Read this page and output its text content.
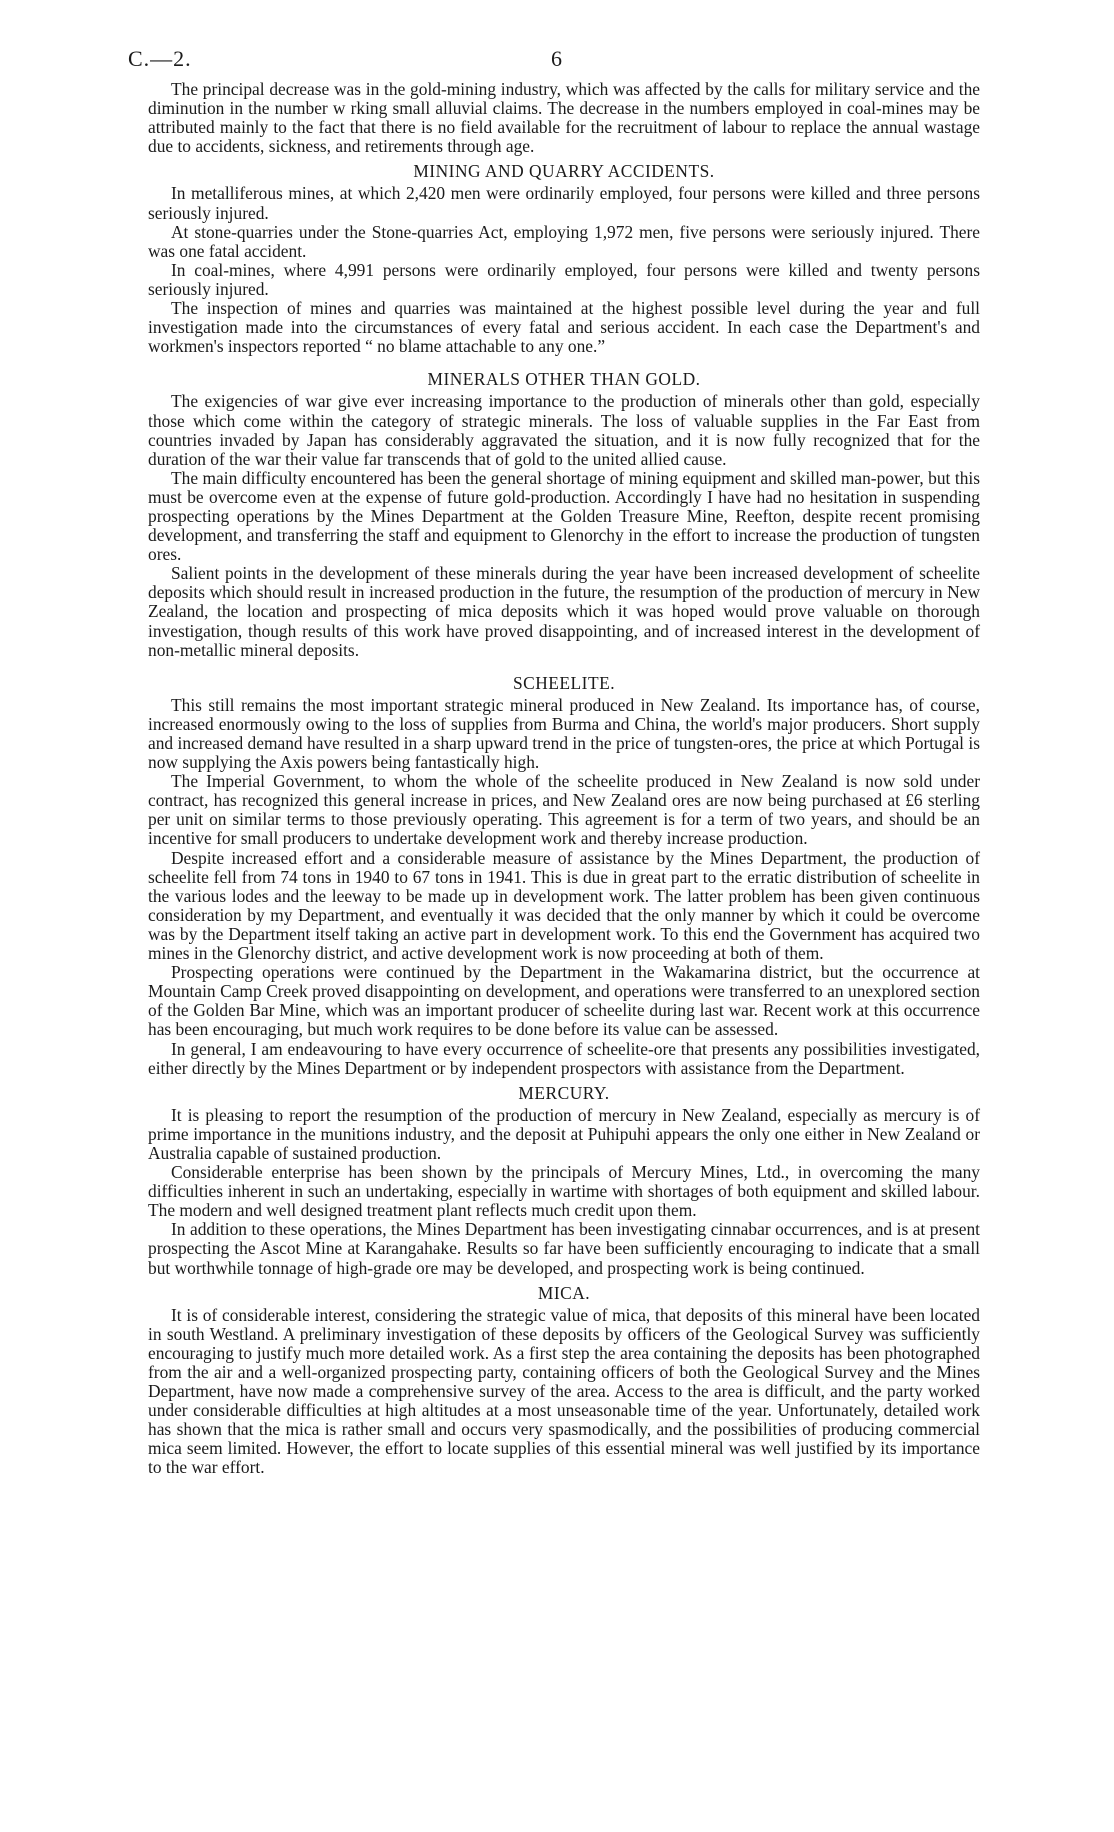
C.—2.	6

The principal decrease was in the gold-mining industry, which was affected by the calls for military service and the diminution in the number w rking small alluvial claims. The decrease in the numbers employed in coal-mines may be attributed mainly to the fact that there is no field available for the recruitment of labour to replace the annual wastage due to accidents, sickness, and retirements through age.

MINING AND QUARRY ACCIDENTS.

In metalliferous mines, at which 2,420 men were ordinarily employed, four persons were killed and three persons seriously injured.

At stone-quarries under the Stone-quarries Act, employing 1,972 men, five persons were seriously injured. There was one fatal accident.

In coal-mines, where 4,991 persons were ordinarily employed, four persons were killed and twenty persons seriously injured.

The inspection of mines and quarries was maintained at the highest possible level during the year and full investigation made into the circumstances of every fatal and serious accident. In each case the Department's and workmen's inspectors reported “ no blame attachable to any one.”

MINERALS OTHER THAN GOLD.

The exigencies of war give ever increasing importance to the production of minerals other than gold, especially those which come within the category of strategic minerals. The loss of valuable supplies in the Far East from countries invaded by Japan has considerably aggravated the situation, and it is now fully recognized that for the duration of the war their value far transcends that of gold to the united allied cause.

The main difficulty encountered has been the general shortage of mining equipment and skilled man-power, but this must be overcome even at the expense of future gold-production. Accordingly I have had no hesitation in suspending prospecting operations by the Mines Department at the Golden Treasure Mine, Reefton, despite recent promising development, and transferring the staff and equipment to Glenorchy in the effort to increase the production of tungsten ores.

Salient points in the development of these minerals during the year have been increased development of scheelite deposits which should result in increased production in the future, the resumption of the production of mercury in New Zealand, the location and prospecting of mica deposits which it was hoped would prove valuable on thorough investigation, though results of this work have proved disappointing, and of increased interest in the development of non-metallic mineral deposits.

SCHEELITE.

This still remains the most important strategic mineral produced in New Zealand. Its importance has, of course, increased enormously owing to the loss of supplies from Burma and China, the world's major producers. Short supply and increased demand have resulted in a sharp upward trend in the price of tungsten-ores, the price at which Portugal is now supplying the Axis powers being fantastically high.

The Imperial Government, to whom the whole of the scheelite produced in New Zealand is now sold under contract, has recognized this general increase in prices, and New Zealand ores are now being purchased at £6 sterling per unit on similar terms to those previously operating. This agreement is for a term of two years, and should be an incentive for small producers to undertake development work and thereby increase production.

Despite increased effort and a considerable measure of assistance by the Mines Department, the production of scheelite fell from 74 tons in 1940 to 67 tons in 1941. This is due in great part to the erratic distribution of scheelite in the various lodes and the leeway to be made up in development work. The latter problem has been given continuous consideration by my Department, and eventually it was decided that the only manner by which it could be overcome was by the Department itself taking an active part in development work. To this end the Government has acquired two mines in the Glenorchy district, and active development work is now proceeding at both of them.

Prospecting operations were continued by the Department in the Wakamarina district, but the occurrence at Mountain Camp Creek proved disappointing on development, and operations were transferred to an unexplored section of the Golden Bar Mine, which was an important producer of scheelite during last war. Recent work at this occurrence has been encouraging, but much work requires to be done before its value can be assessed.

In general, I am endeavouring to have every occurrence of scheelite-ore that presents any possibilities investigated, either directly by the Mines Department or by independent prospectors with assistance from the Department.

MERCURY.

It is pleasing to report the resumption of the production of mercury in New Zealand, especially as mercury is of prime importance in the munitions industry, and the deposit at Puhipuhi appears the only one either in New Zealand or Australia capable of sustained production.

Considerable enterprise has been shown by the principals of Mercury Mines, Ltd., in overcoming the many difficulties inherent in such an undertaking, especially in wartime with shortages of both equipment and skilled labour. The modern and well designed treatment plant reflects much credit upon them.

In addition to these operations, the Mines Department has been investigating cinnabar occurrences, and is at present prospecting the Ascot Mine at Karangahake. Results so far have been sufficiently encouraging to indicate that a small but worthwhile tonnage of high-grade ore may be developed, and prospecting work is being continued.

MICA.

It is of considerable interest, considering the strategic value of mica, that deposits of this mineral have been located in south Westland. A preliminary investigation of these deposits by officers of the Geological Survey was sufficiently encouraging to justify much more detailed work. As a first step the area containing the deposits has been photographed from the air and a well-organized prospecting party, containing officers of both the Geological Survey and the Mines Department, have now made a comprehensive survey of the area. Access to the area is difficult, and the party worked under considerable difficulties at high altitudes at a most unseasonable time of the year. Unfortunately, detailed work has shown that the mica is rather small and occurs very spasmodically, and the possibilities of producing commercial mica seem limited. However, the effort to locate supplies of this essential mineral was well justified by its importance to the war effort.
